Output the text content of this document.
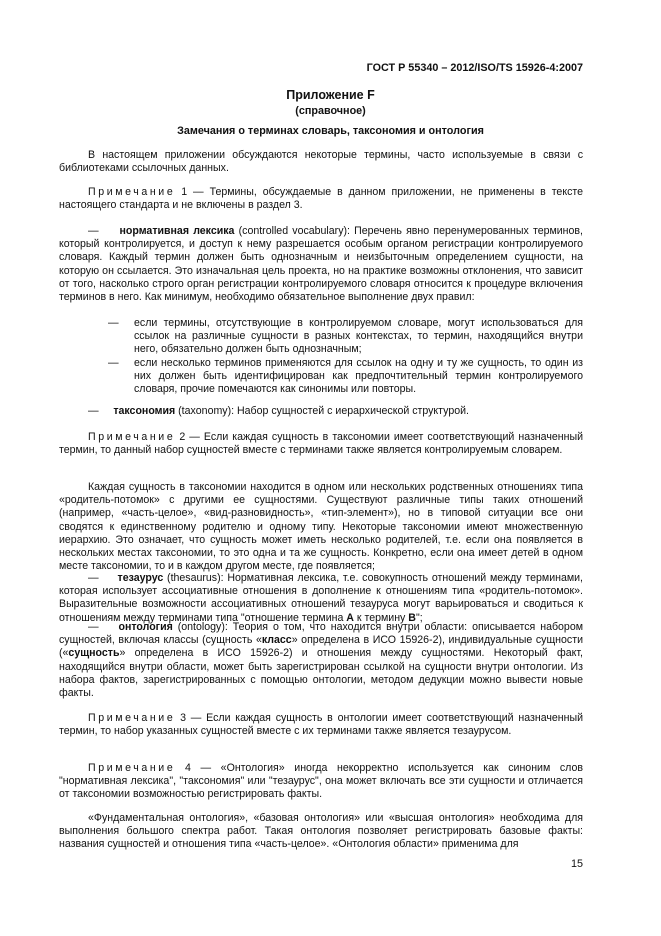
ГОСТ Р 55340 – 2012/ISO/TS 15926-4:2007
Приложение F
(справочное)
Замечания о терминах словарь, таксономия и онтология

В настоящем приложении обсуждаются некоторые термины, часто используемые в связи с библиотеками ссылочных данных.

Примечание 1 — Термины, обсуждаемые в данном приложении, не применены в тексте настоящего стандарта и не включены в раздел 3.

— нормативная лексика (controlled vocabulary): Перечень явно перенумерованных терминов, который контролируется, и доступ к нему разрешается особым органом регистрации контролируемого словаря. Каждый термин должен быть однозначным и неизбыточным определением сущности, на которую он ссылается. Это изначальная цель проекта, но на практике возможны отклонения, что зависит от того, насколько строго орган регистрации контролируемого словаря относится к процедуре включения терминов в него. Как минимум, необходимо обязательное выполнение двух правил:

— если термины, отсутствующие в контролируемом словаре, могут использоваться для ссылок на различные сущности в разных контекстах, то термин, находящийся внутри него, обязательно должен быть однозначным;
— если несколько терминов применяются для ссылок на одну и ту же сущность, то один из них должен быть идентифицирован как предпочтительный термин контролируемого словаря, прочие помечаются как синонимы или повторы.

— таксономия (taxonomy): Набор сущностей с иерархической структурой.

Примечание 2 — Если каждая сущность в таксономии имеет соответствующий назначенный термин, то данный набор сущностей вместе с терминами также является контролируемым словарем.

Каждая сущность в таксономии находится в одном или нескольких родственных отношениях типа «родитель-потомок» с другими ее сущностями. Существуют различные типы таких отношений (например, «часть-целое», «вид-разновидность», «тип-элемент»), но в типовой ситуации все они сводятся к единственному родителю и одному типу. Некоторые таксономии имеют множественную иерархию. Это означает, что сущность может иметь несколько родителей, т.е. если она появляется в нескольких местах таксономии, то это одна и та же сущность. Конкретно, если она имеет детей в одном месте таксономии, то и в каждом другом месте, где появляется;

— тезаурус (thesaurus): Нормативная лексика, т.е. совокупность отношений между терминами, которая использует ассоциативные отношения в дополнение к отношениям типа «родитель-потомок». Выразительные возможности ассоциативных отношений тезауруса могут варьироваться и сводиться к отношениям между терминами типа "отношение термина A к термину B";

— онтология (ontology): Теория о том, что находится внутри области: описывается набором сущностей, включая классы (сущность «класс» определена в ИСО 15926-2), индивидуальные сущности («сущность» определена в ИСО 15926-2) и отношения между сущностями. Некоторый факт, находящийся внутри области, может быть зарегистрирован ссылкой на сущности внутри онтологии. Из набора фактов, зарегистрированных с помощью онтологии, методом дедукции можно вывести новые факты.

Примечание 3 — Если каждая сущность в онтологии имеет соответствующий назначенный термин, то набор указанных сущностей вместе с их терминами также является тезаурусом.

Примечание 4 — «Онтология» иногда некорректно используется как синоним слов "нормативная лексика", "таксономия" или "тезаурус", она может включать все эти сущности и отличается от таксономии возможностью регистрировать факты.

«Фундаментальная онтология», «базовая онтология» или «высшая онтология» необходима для выполнения большого спектра работ. Такая онтология позволяет регистрировать базовые факты: названия сущностей и отношения типа «часть-целое». «Онтология области» применима для

15
